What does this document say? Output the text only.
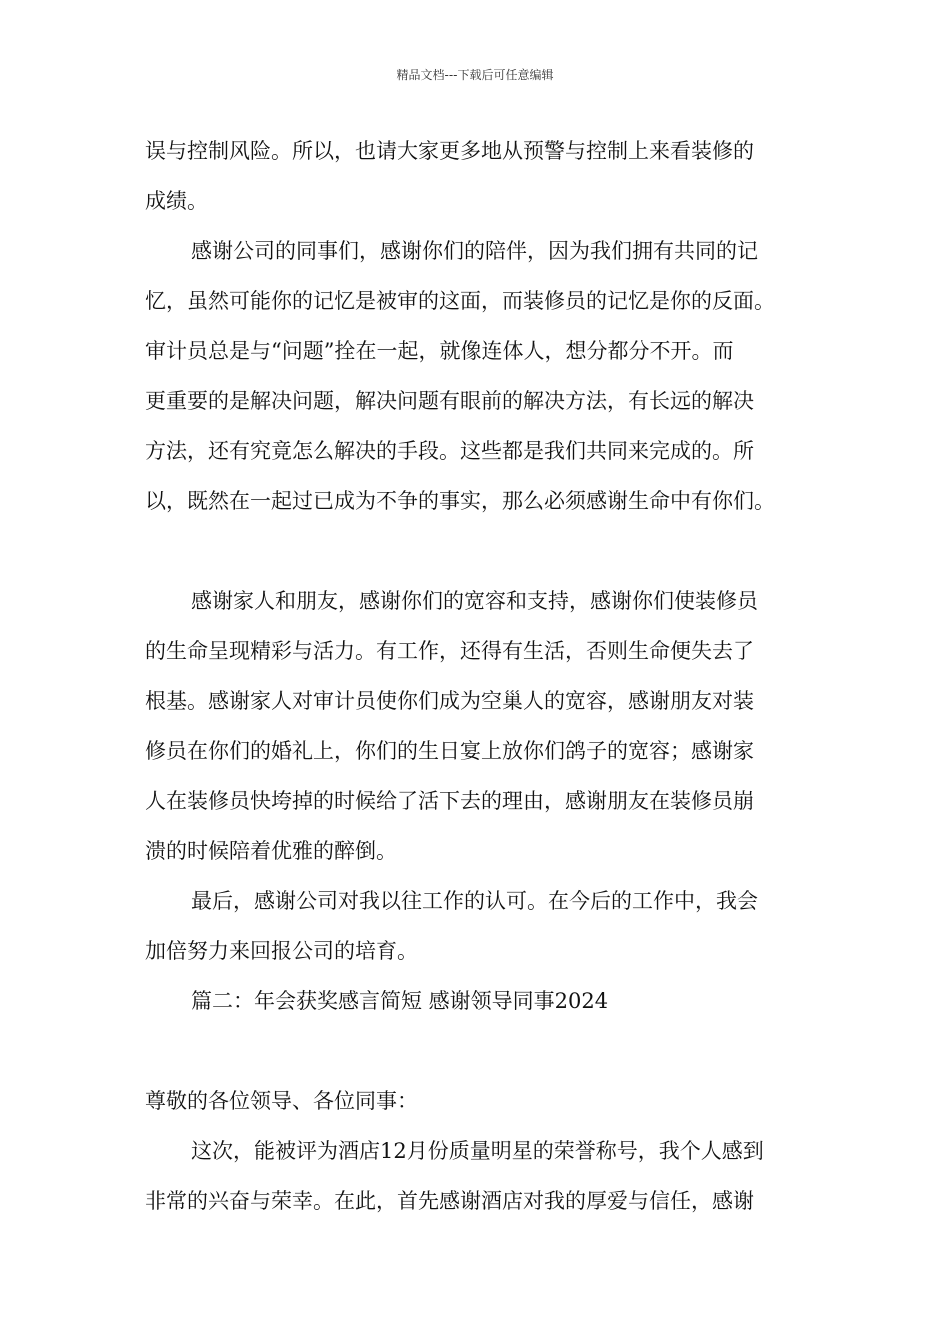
精品文档---下载后可任意编辑
误与控制风险。所以，也请大家更多地从预警与控制上来看装修的
成绩。
感谢公司的同事们，感谢你们的陪伴，因为我们拥有共同的记
忆，虽然可能你的记忆是被审的这面，而装修员的记忆是你的反面。
审计员总是与“问题”拴在一起，就像连体人，想分都分不开。而
更重要的是解决问题，解决问题有眼前的解决方法，有长远的解决
方法，还有究竟怎么解决的手段。这些都是我们共同来完成的。所
以，既然在一起过已成为不争的事实，那么必须感谢生命中有你们。
感谢家人和朋友，感谢你们的宽容和支持，感谢你们使装修员
的生命呈现精彩与活力。有工作，还得有生活，否则生命便失去了
根基。感谢家人对审计员使你们成为空巢人的宽容，感谢朋友对装
修员在你们的婚礼上，你们的生日宴上放你们鸽子的宽容；感谢家
人在装修员快垮掉的时候给了活下去的理由，感谢朋友在装修员崩
溃的时候陪着优雅的醉倒。
最后，感谢公司对我以往工作的认可。在今后的工作中，我会
加倍努力来回报公司的培育。
篇二：年会获奖感言简短 感谢领导同事2024
尊敬的各位领导、各位同事：
这次，能被评为酒店12月份质量明星的荣誉称号，我个人感到
非常的兴奋与荣幸。在此，首先感谢酒店对我的厚爱与信任，感谢
